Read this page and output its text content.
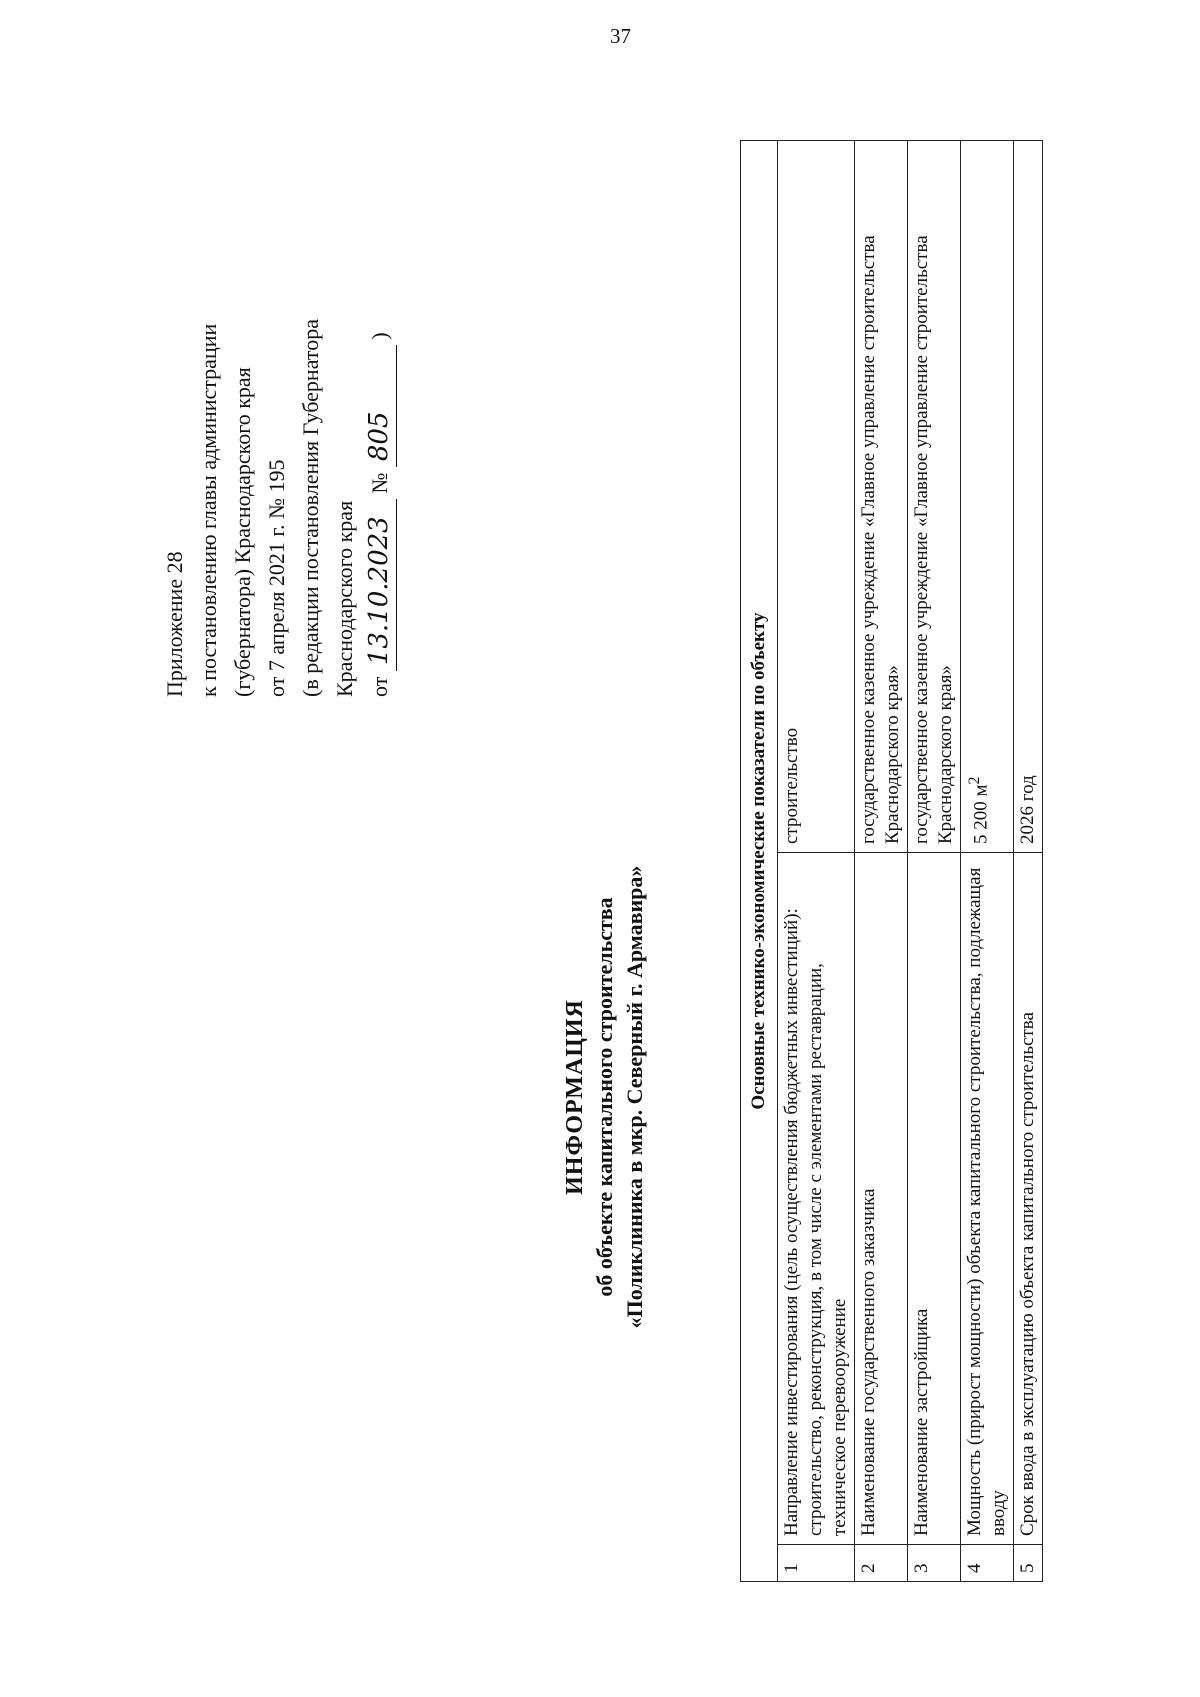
37
Приложение 28 к постановлению главы администрации (губернатора) Краснодарского края от 7 апреля 2021 г. № 195 (в редакции постановления Губернатора Краснодарского края от 13.10.2023 № 805 )
ИНФОРМАЦИЯ об объекте капитального строительства «Поликлиника в мкр. Северный г. Армавира»	Основные технико-экономические показатели по объекту		
1	Направление инвестирования (цель осуществления бюджетных инвестиций): строительство, реконструкция, в том числе с элементами реставрации, техническое перевооружение	строительство
2	Наименование государственного заказчика	государственное казенное учреждение «Главное управление строительства Краснодарского края»
3	Наименование застройщика	государственное казенное учреждение «Главное управление строительства Краснодарского края»
4	Мощность (прирост мощности) объекта капитального строительства, подлежащая вводу	5 200 $м^2$
5	Срок ввода в эксплуатацию объекта капитального строительства	2026 год
